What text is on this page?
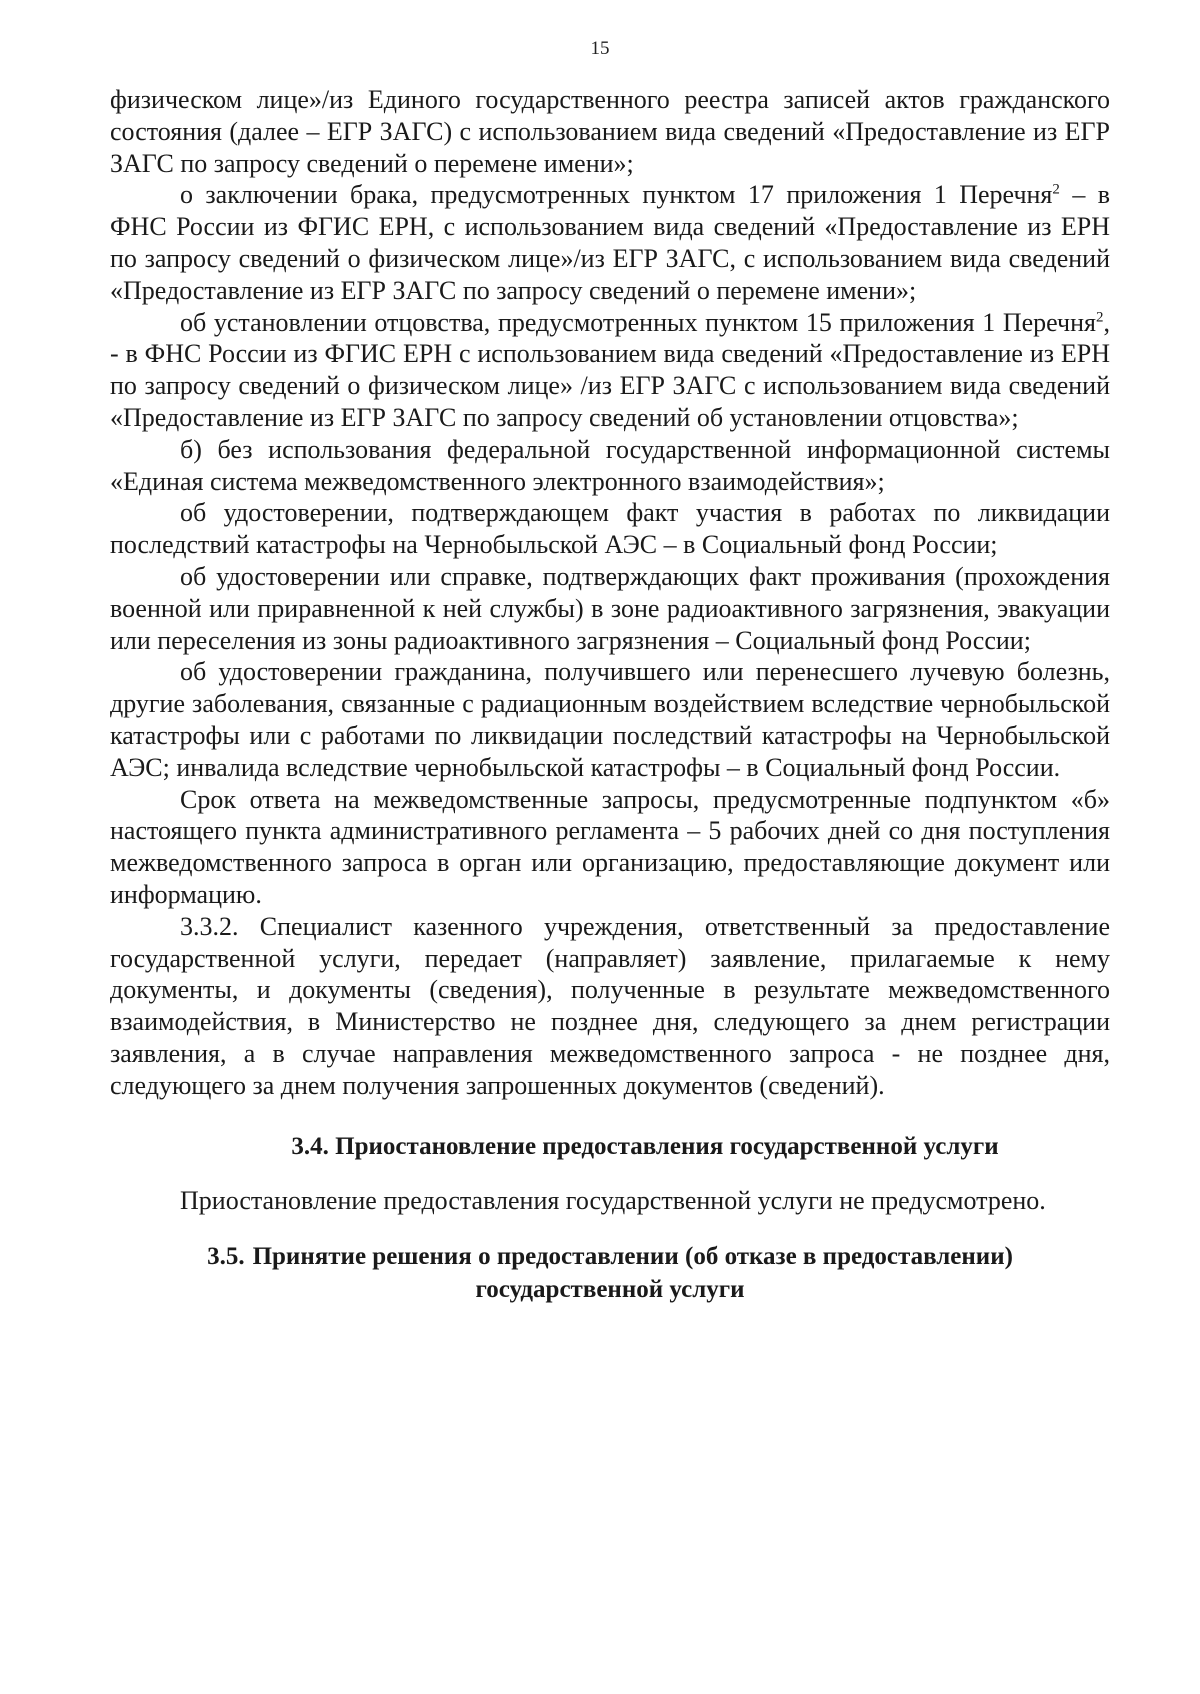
15

физическом лице»/из Единого государственного реестра записей актов гражданского состояния (далее – ЕГР ЗАГС) с использованием вида сведений «Предоставление из ЕГР ЗАГС по запросу сведений о перемене имени»;

о заключении брака, предусмотренных пунктом 17 приложения 1 Перечня$^2$ – в ФНС России из ФГИС ЕРН, с использованием вида сведений «Предоставление из ЕРН по запросу сведений о физическом лице»/из ЕГР ЗАГС, с использованием вида сведений «Предоставление из ЕГР ЗАГС по запросу сведений о перемене имени»;

об установлении отцовства, предусмотренных пунктом 15 приложения 1 Перечня$^2$, - в ФНС России из ФГИС ЕРН с использованием вида сведений «Предоставление из ЕРН по запросу сведений о физическом лице» /из ЕГР ЗАГС с использованием вида сведений «Предоставление из ЕГР ЗАГС по запросу сведений об установлении отцовства»;

б) без использования федеральной государственной информационной системы «Единая система межведомственного электронного взаимодействия»;

об удостоверении, подтверждающем факт участия в работах по ликвидации последствий катастрофы на Чернобыльской АЭС – в Социальный фонд России;

об удостоверении или справке, подтверждающих факт проживания (прохождения военной или приравненной к ней службы) в зоне радиоактивного загрязнения, эвакуации или переселения из зоны радиоактивного загрязнения – Социальный фонд России;

об удостоверении гражданина, получившего или перенесшего лучевую болезнь, другие заболевания, связанные с радиационным воздействием вследствие чернобыльской катастрофы или с работами по ликвидации последствий катастрофы на Чернобыльской АЭС; инвалида вследствие чернобыльской катастрофы – в Социальный фонд России.

Срок ответа на межведомственные запросы, предусмотренные подпунктом «б» настоящего пункта административного регламента – 5 рабочих дней со дня поступления межведомственного запроса в орган или организацию, предоставляющие документ или информацию.

3.3.2. Специалист казенного учреждения, ответственный за предоставление государственной услуги, передает (направляет) заявление, прилагаемые к нему документы, и документы (сведения), полученные в результате межведомственного взаимодействия, в Министерство не позднее дня, следующего за днем регистрации заявления, а в случае направления межведомственного запроса - не позднее дня, следующего за днем получения запрошенных документов (сведений).

3.4. Приостановление предоставления государственной услуги

Приостановление предоставления государственной услуги не предусмотрено.

3.5. Принятие решения о предоставлении (об отказе в предоставлении)
государственной услуги
